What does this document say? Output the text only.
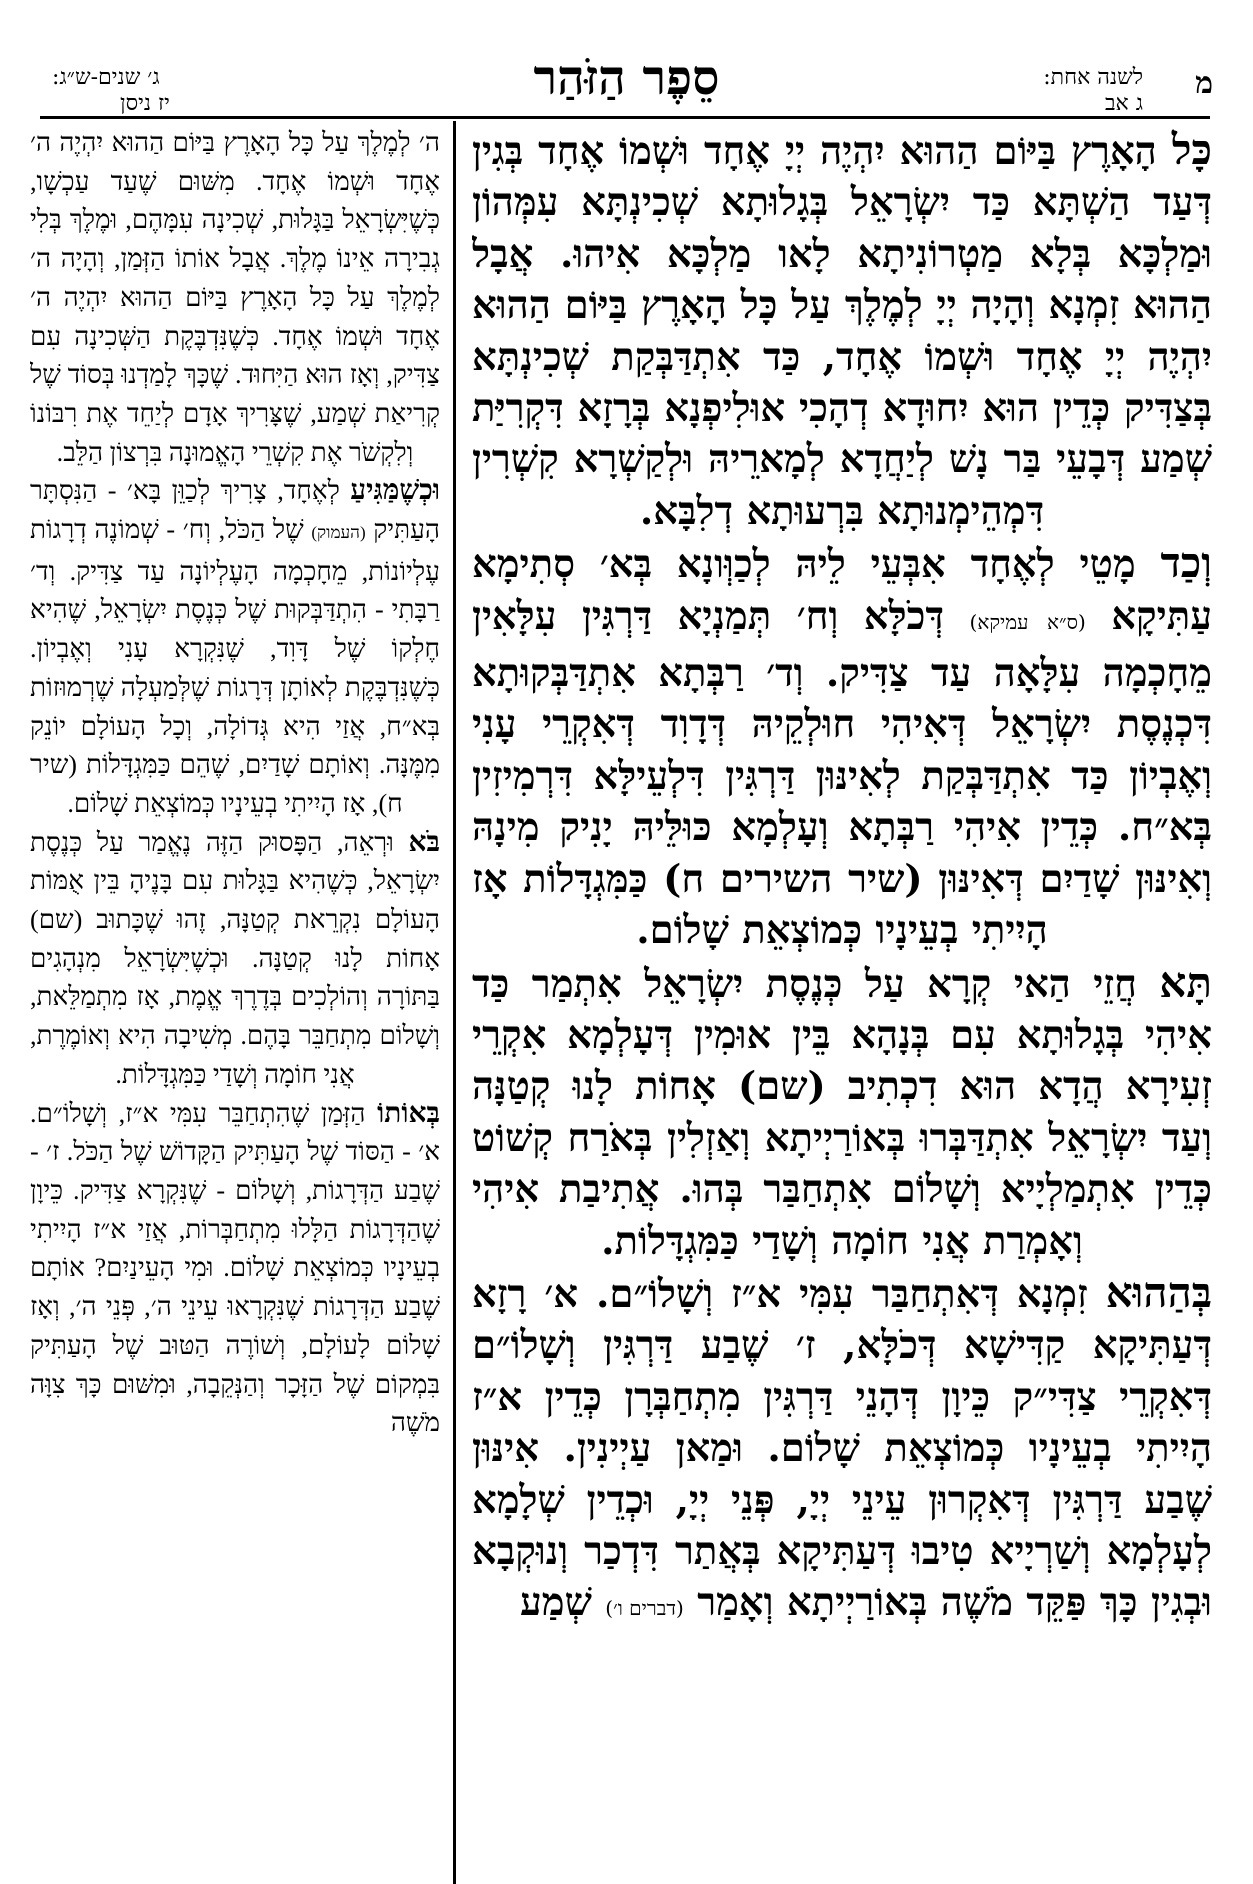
מ
לשנה אחת:
ג אב
סֵפֶר הַזֹּהַר
ג׳ שנים-ש״ג:
יז ניסן

כָּל הָאָרֶץ בַּיּוֹם הַהוּא יִהְיֶה יְיָ אֶחָד וּשְׁמוֹ אֶחָד בְּגִין דְּעַד הַשְׁתָּא כַּד יִשְׂרָאֵל בְּגָלוּתָא שְׁכִינְתָּא עִמְּהוֹן וּמַלְכָּא בְּלָא מַטְרוֹנִיתָא לָאו מַלְכָּא אִיהוּ. אֲבָל הַהוּא זִמְנָא וְהָיָה יְיָ לְמֶלֶךְ עַל כָּל הָאָרֶץ בַּיּוֹם הַהוּא יִהְיֶה יְיָ אֶחָד וּשְׁמוֹ אֶחָד, כַּד אִתְדַּבְּקַת שְׁכִינְתָּא בְּצַדִּיק כְּדֵין הוּא יִחוּדָא דְהָכִי אוּלִיפְנָא בְּרָזָא דִּקְרִיַּת שְׁמַע דְּבָעֵי בַּר נָשׁ לְיַחֲדָא לְמָארֵיהּ וּלְקַשְׁרָא קִשְׁרִין דִּמְהֵימְנוּתָא בִּרְעוּתָא דְלִבָּא.

וְכַד מָטֵי לְאֶחָד אִבְּעֵי לֵיהּ לְכַוְּונָא בְּא׳ סְתִימָא עַתִּיקָא (ס״א עמיקא) דְּכֹלָּא וְח׳ תְּמַנְיָא דַּרְגִּין עִלָּאִין מֵחָכְמָה עִלָּאָה עַד צַדִּיק. וְד׳ רַבְּתָא אִתְדַּבְּקוּתָא דִּכְנֶסֶת יִשְׂרָאֵל דְּאִיהִי חוּלְקֵיהּ דְּדָוִד דְּאִקְרֵי עָנִי וְאֶבְיוֹן כַּד אִתְדַּבְּקַת לְאִינּוּן דַּרְגִּין דִּלְעֵילָּא דִּרְמִיזִין בְּא״ח. כְּדֵין אִיהִי רַבְּתָא וְעָלְמָא כּוּלֵּיהּ יָנִיק מִינָהּ וְאִינּוּן שָׁדַיִם דְּאִינּוּן (שיר השירים ח) כַּמִּגְדָּלוֹת אָז הָיִיתִי בְעֵינָיו כְּמוֹצְאֵת שָׁלוֹם.

תָּא חֲזֵי הַאי קְרָא עַל כְּנֶסֶת יִשְׂרָאֵל אִתְמַר כַּד אִיהִי בְּגָלוּתָא עִם בְּנָהָא בֵּין אוּמִין דְּעָלְמָא אִקְרֵי זְעִירָא הֲדָא הוּא דִכְתִיב (שם) אָחוֹת לָנוּ קְטַנָּה וְעַד יִשְׂרָאֵל אִתְדַּבְּרוּ בְּאוֹרַיְיתָא וְאַזְלִין בְּאֹרַח קְשׁוֹט כְּדֵין אִתְמַלְיָיא וְשָׁלוֹם אִתְחַבַּר בְּהוּ. אֲתִיבַת אִיהִי וְאָמְרַת אֲנִי חוֹמָה וְשָׁדַי כַּמִּגְדָּלוֹת.

בְּהַהוּא זִמְנָא דְּאִתְחַבַּר עִמִּי א״ז וְשָׁלוֹ״ם. א׳ רָזָא דְּעַתִּיקָא קַדִּישָׁא דְּכֹלָּא, ז׳ שֶׁבַע דַּרְגִּין וְשָׁלוֹ״ם דְּאִקְרֵי צַדִּי״ק כֵּיוָן דְּהָנֵי דַּרְגִּין מִתְחַבְּרָן כְּדֵין א״ז הָיִיתִי בְעֵינָיו כְּמוֹצְאֵת שָׁלוֹם. וּמַאן עַיְינִין. אִינּוּן שֶׁבַע דַּרְגִּין דְּאִקְרוּן עֵינֵי יְיָ, פְּנֵי יְיָ, וּכְדֵין שְׁלָמָא לְעָלְמָא וְשַׁרְיָיא טִיבוּ דְּעַתִּיקָא בְּאֲתַר דִּדְכַר וְנוּקְבָא וּבְגִין כָּךְ פַּקֵּד מֹשֶׁה בְּאוֹרַיְיתָא וְאָמַר (דברים ו׳) שְׁמַע

ה׳ לְמֶלֶךְ עַל כָּל הָאָרֶץ בַּיּוֹם הַהוּא יִהְיֶה ה׳ אֶחָד וּשְׁמוֹ אֶחָד. מִשּׁוּם שֶׁעַד עַכְשָׁו, כְּשֶׁיִּשְׂרָאֵל בַּגָּלוּת, שְׁכִינָה עִמָּהֶם, וּמֶלֶךְ בְּלִי גְבִירָה אֵינוֹ מֶלֶךְ. אֲבָל אוֹתוֹ הַזְּמַן, וְהָיָה ה׳ לְמֶלֶךְ עַל כָּל הָאָרֶץ בַּיּוֹם הַהוּא יִהְיֶה ה׳ אֶחָד וּשְׁמוֹ אֶחָד. כְּשֶׁנִּדְבֶּקֶת הַשְּׁכִינָה עִם צַדִּיק, וְאָז הוּא הַיִּחוּד. שֶׁכָּךְ לָמַדְנוּ בְּסוֹד שֶׁל קְרִיאַת שְׁמַע, שֶׁצָּרִיךְ אָדָם לְיַחֵד אֶת רִבּוֹנוֹ וְלִקְשֹׁר אֶת קִשְׁרֵי הָאֱמוּנָה בִּרְצוֹן הַלֵּב.

וּכְשֶׁמַּגִּיעַ לְאֶחָד, צָרִיךְ לְכַוֵּן בָּא׳ - הַנִּסְתָּר הָעַתִּיק (העמוק) שֶׁל הַכֹּל, וְח׳ - שְׁמוֹנֶה דְרָגוֹת עֶלְיוֹנוֹת, מֵחָכְמָה הָעֶלְיוֹנָה עַד צַדִּיק. וְד׳ רַבָּתִי - הִתְדַּבְּקוּת שֶׁל כְּנֶסֶת יִשְׂרָאֵל, שֶׁהִיא חֶלְקוֹ שֶׁל דָּוִד, שֶׁנִּקְרָא עָנִי וְאֶבְיוֹן. כְּשֶׁנִּדְבֶּקֶת לְאוֹתָן דְּרָגוֹת שֶׁלְּמַעְלָה שֶׁרְמוּזוֹת בְּא״ח, אֲזַי הִיא גְּדוֹלָה, וְכָל הָעוֹלָם יוֹנֵק מִמֶּנָּה. וְאוֹתָם שָׁדַיִם, שֶׁהֵם כַּמִּגְדָּלוֹת (שיר ח), אָז הָיִיתִי בְעֵינָיו כְּמוֹצְאֵת שָׁלוֹם.

בֹּא וּרְאֵה, הַפָּסוּק הַזֶּה נֶאֱמַר עַל כְּנֶסֶת יִשְׂרָאֵל, כְּשֶׁהִיא בַּגָּלוּת עִם בָּנֶיהָ בֵּין אֻמּוֹת הָעוֹלָם נִקְרֵאת קְטַנָּה, זֶהוּ שֶׁכָּתוּב (שם) אָחוֹת לָנוּ קְטַנָּה. וּכְשֶׁיִּשְׂרָאֵל מִנְהָגִים בַּתּוֹרָה וְהוֹלְכִים בְּדֶרֶךְ אֱמֶת, אָז מִתְמַלֵּאת, וְשָׁלוֹם מִתְחַבֵּר בָּהֶם. מְשִׁיבָה הִיא וְאוֹמֶרֶת, אֲנִי חוֹמָה וְשָׁדַי כַּמִּגְדָּלוֹת.

בְּאוֹתוֹ הַזְּמַן שֶׁהִתְחַבֵּר עִמִּי א״ז, וְשָׁלוֹ״ם. א׳ - הַסּוֹד שֶׁל הָעַתִּיק הַקָּדוֹשׁ שֶׁל הַכֹּל. ז׳ - שֶׁבַע הַדְּרָגוֹת, וְשָׁלוֹם - שֶׁנִּקְרָא צַדִּיק. כֵּיוָן שֶׁהַדְּרָגוֹת הַלָּלוּ מִתְחַבְּרוֹת, אֲזַי א״ז הָיִיתִי בְעֵינָיו כְּמוֹצְאֵת שָׁלוֹם. וּמִי הָעֵינַיִם? אוֹתָם שֶׁבַע הַדְּרָגוֹת שֶׁנִּקְרָאוּ עֵינֵי ה׳, פְּנֵי ה׳, וְאָז שָׁלוֹם לָעוֹלָם, וְשׁוֹרֶה הַטּוּב שֶׁל הָעַתִּיק בִּמְקוֹם שֶׁל הַזָּכָר וְהַנְּקֵבָה, וּמִשּׁוּם כָּךְ צִוָּה מֹשֶׁה
